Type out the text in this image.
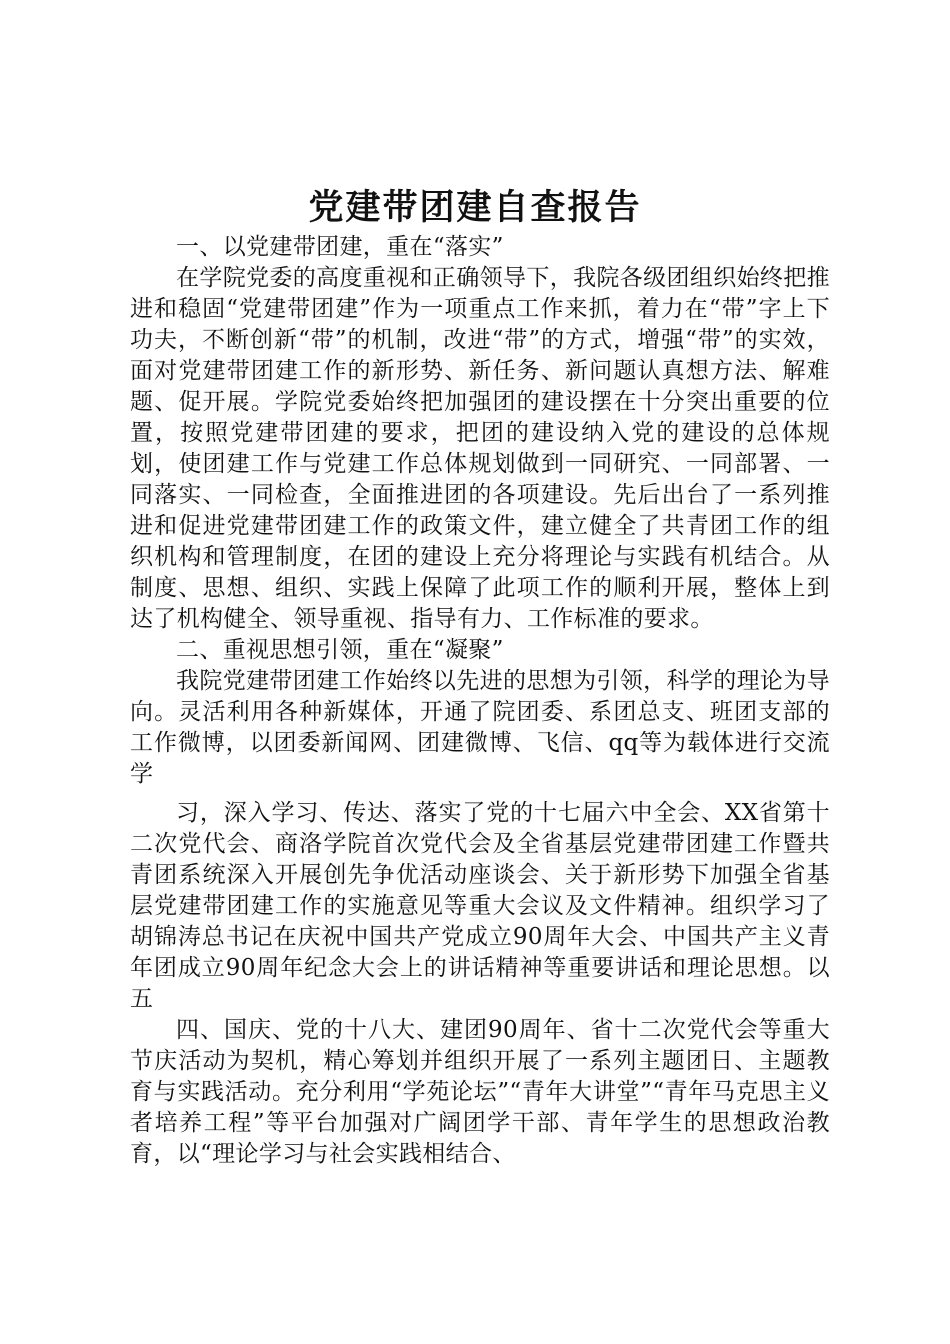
党建带团建自查报告

一、以党建带团建，重在“落实”

在学院党委的高度重视和正确领导下，我院各级团组织始终把推进和稳固“党建带团建”作为一项重点工作来抓，着力在“带”字上下功夫，不断创新“带”的机制，改进“带”的方式，增强“带”的实效，面对党建带团建工作的新形势、新任务、新问题认真想方法、解难题、促开展。学院党委始终把加强团的建设摆在十分突出重要的位置，按照党建带团建的要求，把团的建设纳入党的建设的总体规划，使团建工作与党建工作总体规划做到一同研究、一同部署、一同落实、一同检查，全面推进团的各项建设。先后出台了一系列推进和促进党建带团建工作的政策文件，建立健全了共青团工作的组织机构和管理制度，在团的建设上充分将理论与实践有机结合。从制度、思想、组织、实践上保障了此项工作的顺利开展，整体上到达了机构健全、领导重视、指导有力、工作标准的要求。

二、重视思想引领，重在“凝聚”

我院党建带团建工作始终以先进的思想为引领，科学的理论为导向。灵活利用各种新媒体，开通了院团委、系团总支、班团支部的工作微博，以团委新闻网、团建微博、飞信、qq等为载体进行交流学

习，深入学习、传达、落实了党的十七届六中全会、XX省第十二次党代会、商洛学院首次党代会及全省基层党建带团建工作暨共青团系统深入开展创先争优活动座谈会、关于新形势下加强全省基层党建带团建工作的实施意见等重大会议及文件精神。组织学习了胡锦涛总书记在庆祝中国共产党成立90周年大会、中国共产主义青年团成立90周年纪念大会上的讲话精神等重要讲话和理论思想。以五

四、国庆、党的十八大、建团90周年、省十二次党代会等重大节庆活动为契机，精心筹划并组织开展了一系列主题团日、主题教育与实践活动。充分利用“学苑论坛”“青年大讲堂”“青年马克思主义者培养工程”等平台加强对广阔团学干部、青年学生的思想政治教育，以“理论学习与社会实践相结合、
